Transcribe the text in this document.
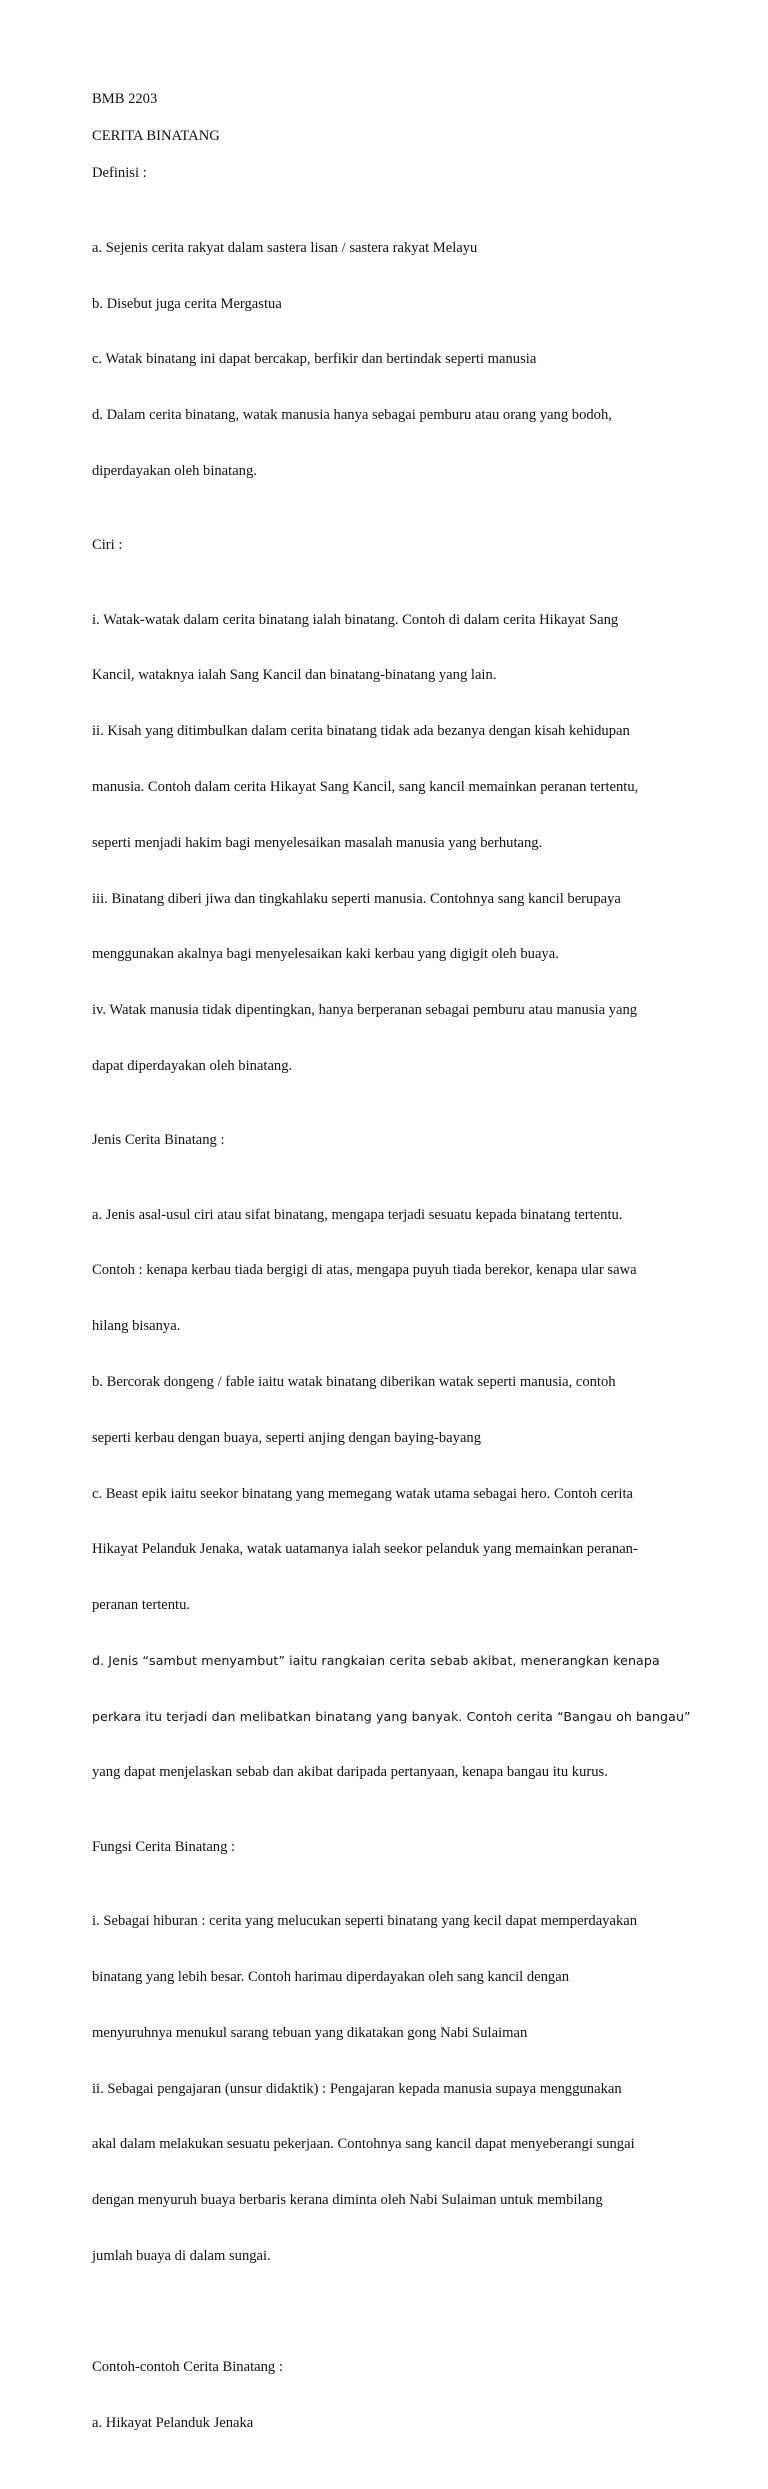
BMB 2203

CERITA BINATANG

Definisi :

a. Sejenis cerita rakyat dalam sastera lisan / sastera rakyat Melayu

b. Disebut juga cerita Mergastua

c. Watak binatang ini dapat bercakap, berfikir dan bertindak seperti manusia

d. Dalam cerita binatang, watak manusia hanya sebagai pemburu atau orang yang bodoh,

diperdayakan oleh binatang.

Ciri :

i. Watak-watak dalam cerita binatang ialah binatang. Contoh di dalam cerita Hikayat Sang

Kancil, wataknya ialah Sang Kancil dan binatang-binatang yang lain.

ii. Kisah yang ditimbulkan dalam cerita binatang tidak ada bezanya dengan kisah kehidupan

manusia. Contoh dalam cerita Hikayat Sang Kancil, sang kancil memainkan peranan tertentu,

seperti menjadi hakim bagi menyelesaikan masalah manusia yang berhutang.

iii. Binatang diberi jiwa dan tingkahlaku seperti manusia. Contohnya sang kancil berupaya

menggunakan akalnya bagi menyelesaikan kaki kerbau yang digigit oleh buaya.

iv. Watak manusia tidak dipentingkan, hanya berperanan sebagai pemburu atau manusia yang

dapat diperdayakan oleh binatang.

Jenis Cerita Binatang :

a. Jenis asal-usul ciri atau sifat binatang, mengapa terjadi sesuatu kepada binatang tertentu.

Contoh : kenapa kerbau tiada bergigi di atas, mengapa puyuh tiada berekor, kenapa ular sawa

hilang bisanya.

b. Bercorak dongeng / fable iaitu watak binatang diberikan watak seperti manusia, contoh

seperti kerbau dengan buaya, seperti anjing dengan baying-bayang

c. Beast epik iaitu seekor binatang yang memegang watak utama sebagai hero. Contoh cerita

Hikayat Pelanduk Jenaka, watak uatamanya ialah seekor pelanduk yang memainkan peranan-

peranan tertentu.

d. Jenis “sambut menyambut” iaitu rangkaian cerita sebab akibat, menerangkan kenapa

perkara itu terjadi dan melibatkan binatang yang banyak. Contoh cerita “Bangau oh bangau”

yang dapat menjelaskan sebab dan akibat daripada pertanyaan, kenapa bangau itu kurus.

Fungsi Cerita Binatang :

i. Sebagai hiburan : cerita yang melucukan seperti binatang yang kecil dapat memperdayakan

binatang yang lebih besar. Contoh harimau diperdayakan oleh sang kancil dengan

menyuruhnya menukul sarang tebuan yang dikatakan gong Nabi Sulaiman

ii. Sebagai pengajaran (unsur didaktik) : Pengajaran kepada manusia supaya menggunakan

akal dalam melakukan sesuatu pekerjaan. Contohnya sang kancil dapat menyeberangi sungai

dengan menyuruh buaya berbaris kerana diminta oleh Nabi Sulaiman untuk membilang

jumlah buaya di dalam sungai.

Contoh-contoh Cerita Binatang :

a. Hikayat Pelanduk Jenaka
